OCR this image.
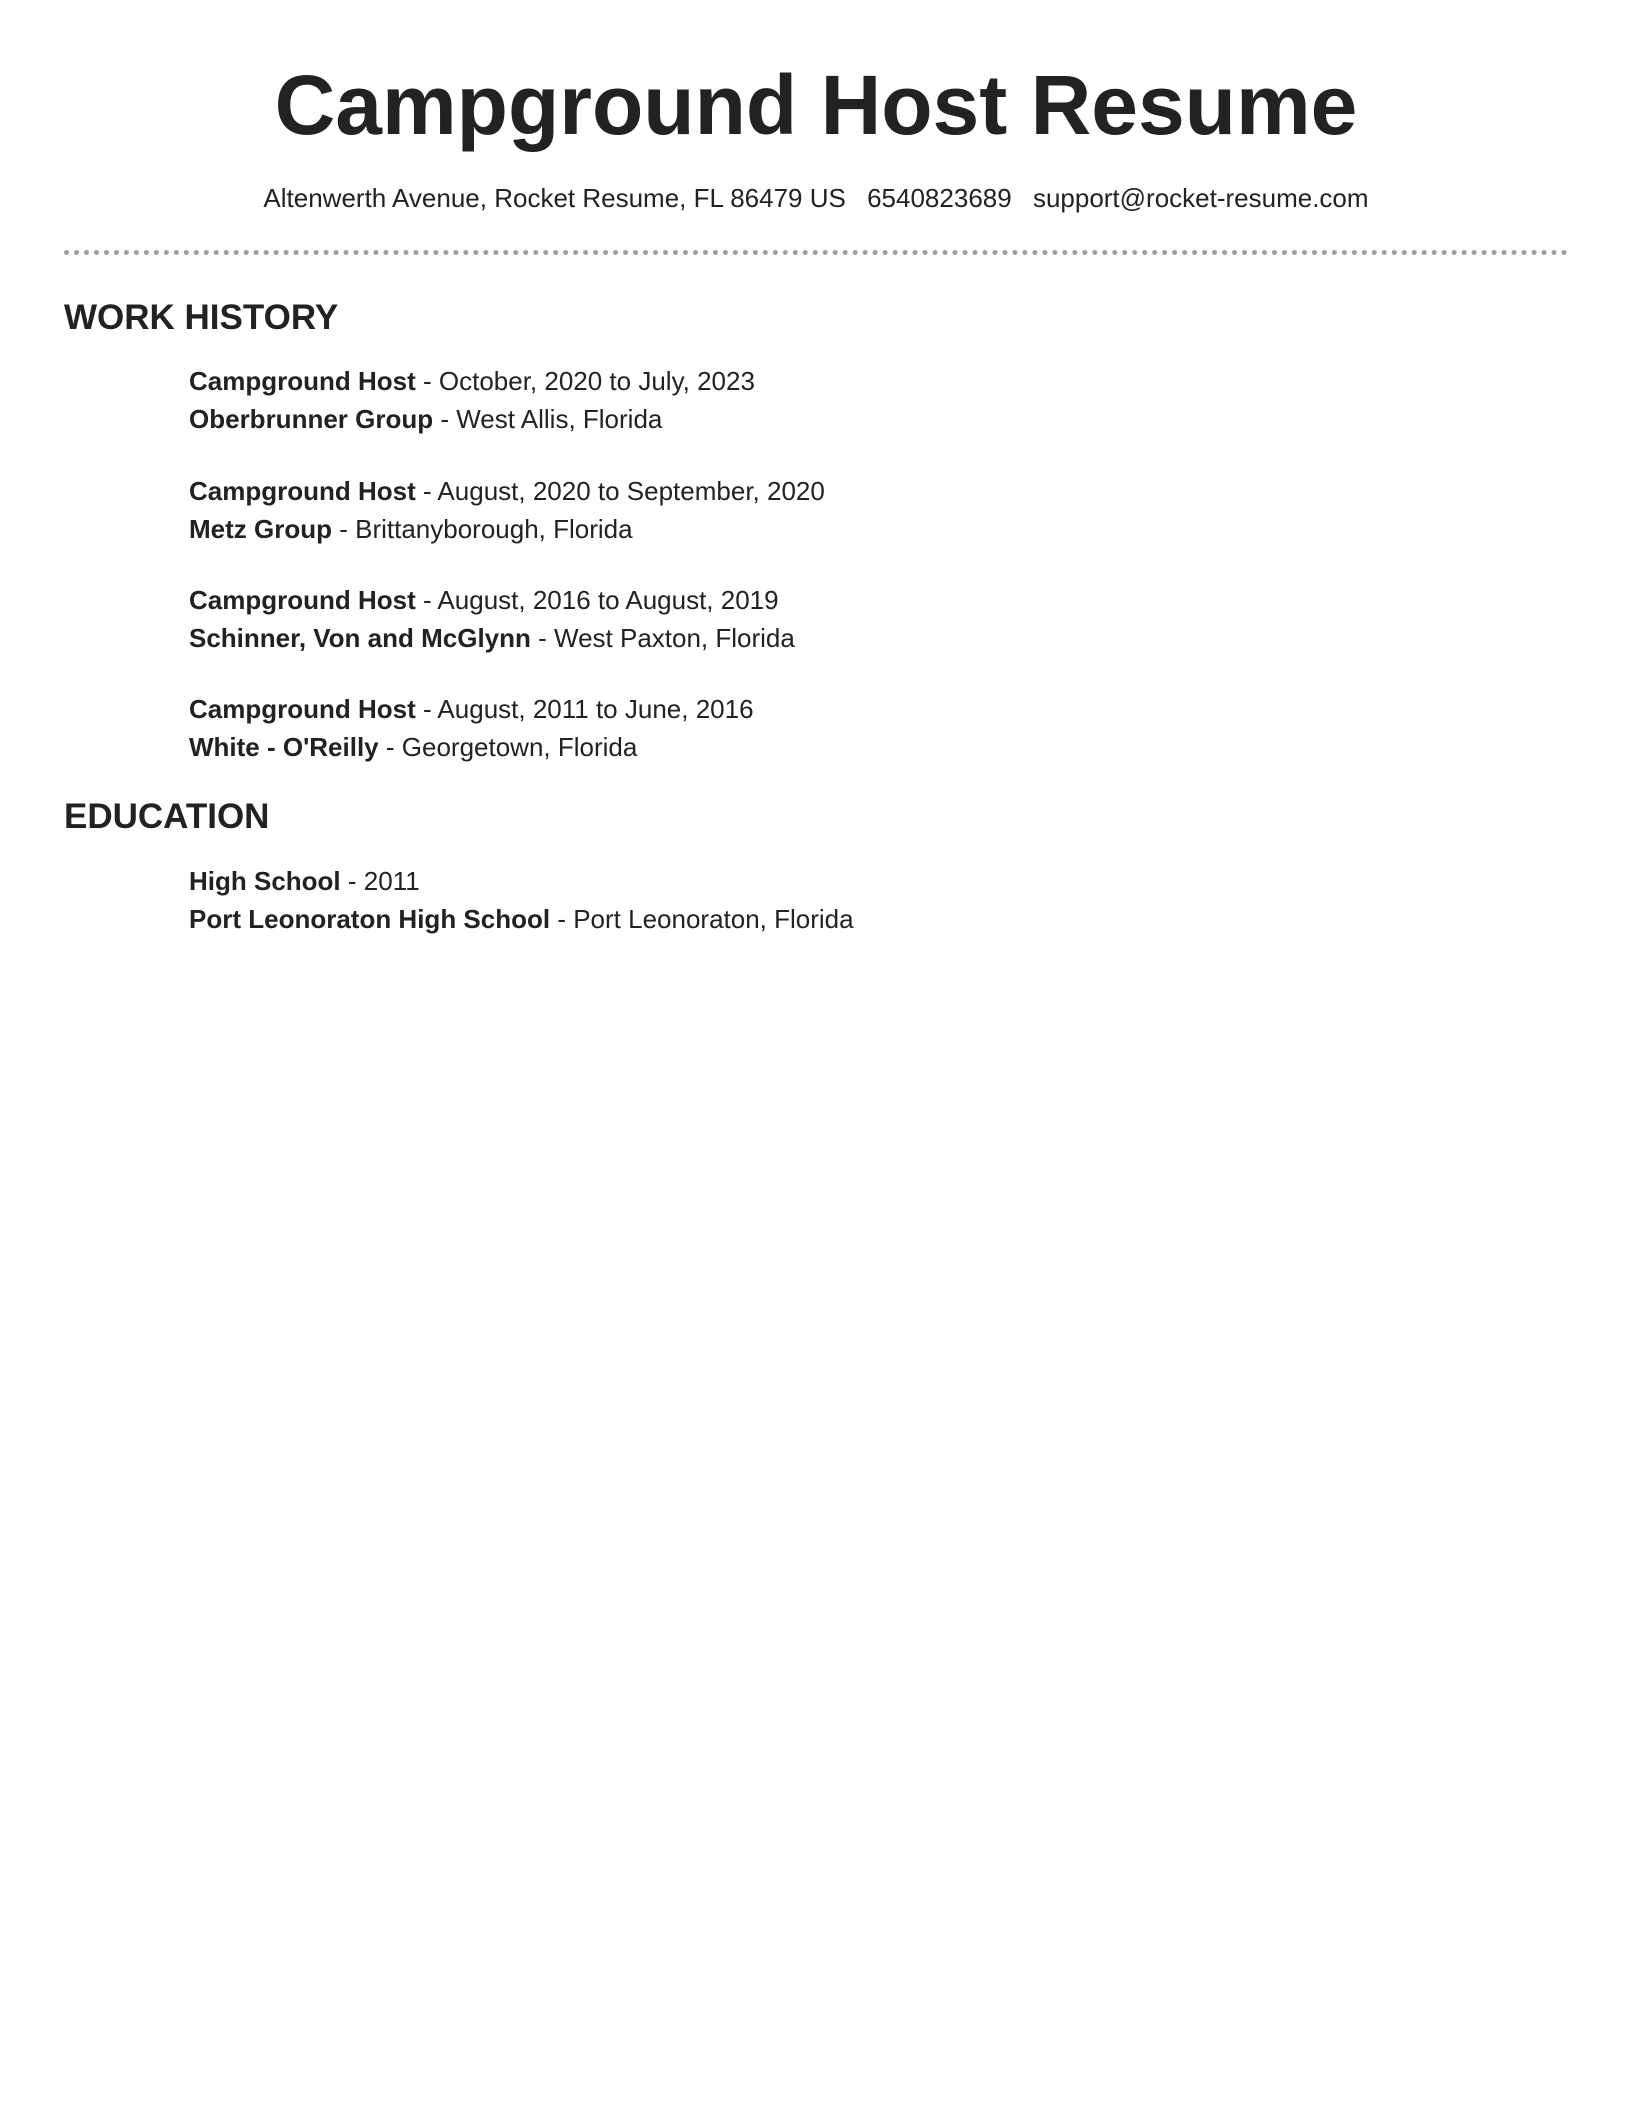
Campground Host Resume
Altenwerth Avenue, Rocket Resume, FL 86479 US 6540823689 support@rocket-resume.com
WORK HISTORY
Campground Host - October, 2020 to July, 2023
Oberbrunner Group - West Allis, Florida
Campground Host - August, 2020 to September, 2020
Metz Group - Brittanyborough, Florida
Campground Host - August, 2016 to August, 2019
Schinner, Von and McGlynn - West Paxton, Florida
Campground Host - August, 2011 to June, 2016
White - O'Reilly - Georgetown, Florida
EDUCATION
High School - 2011
Port Leonoraton High School - Port Leonoraton, Florida
